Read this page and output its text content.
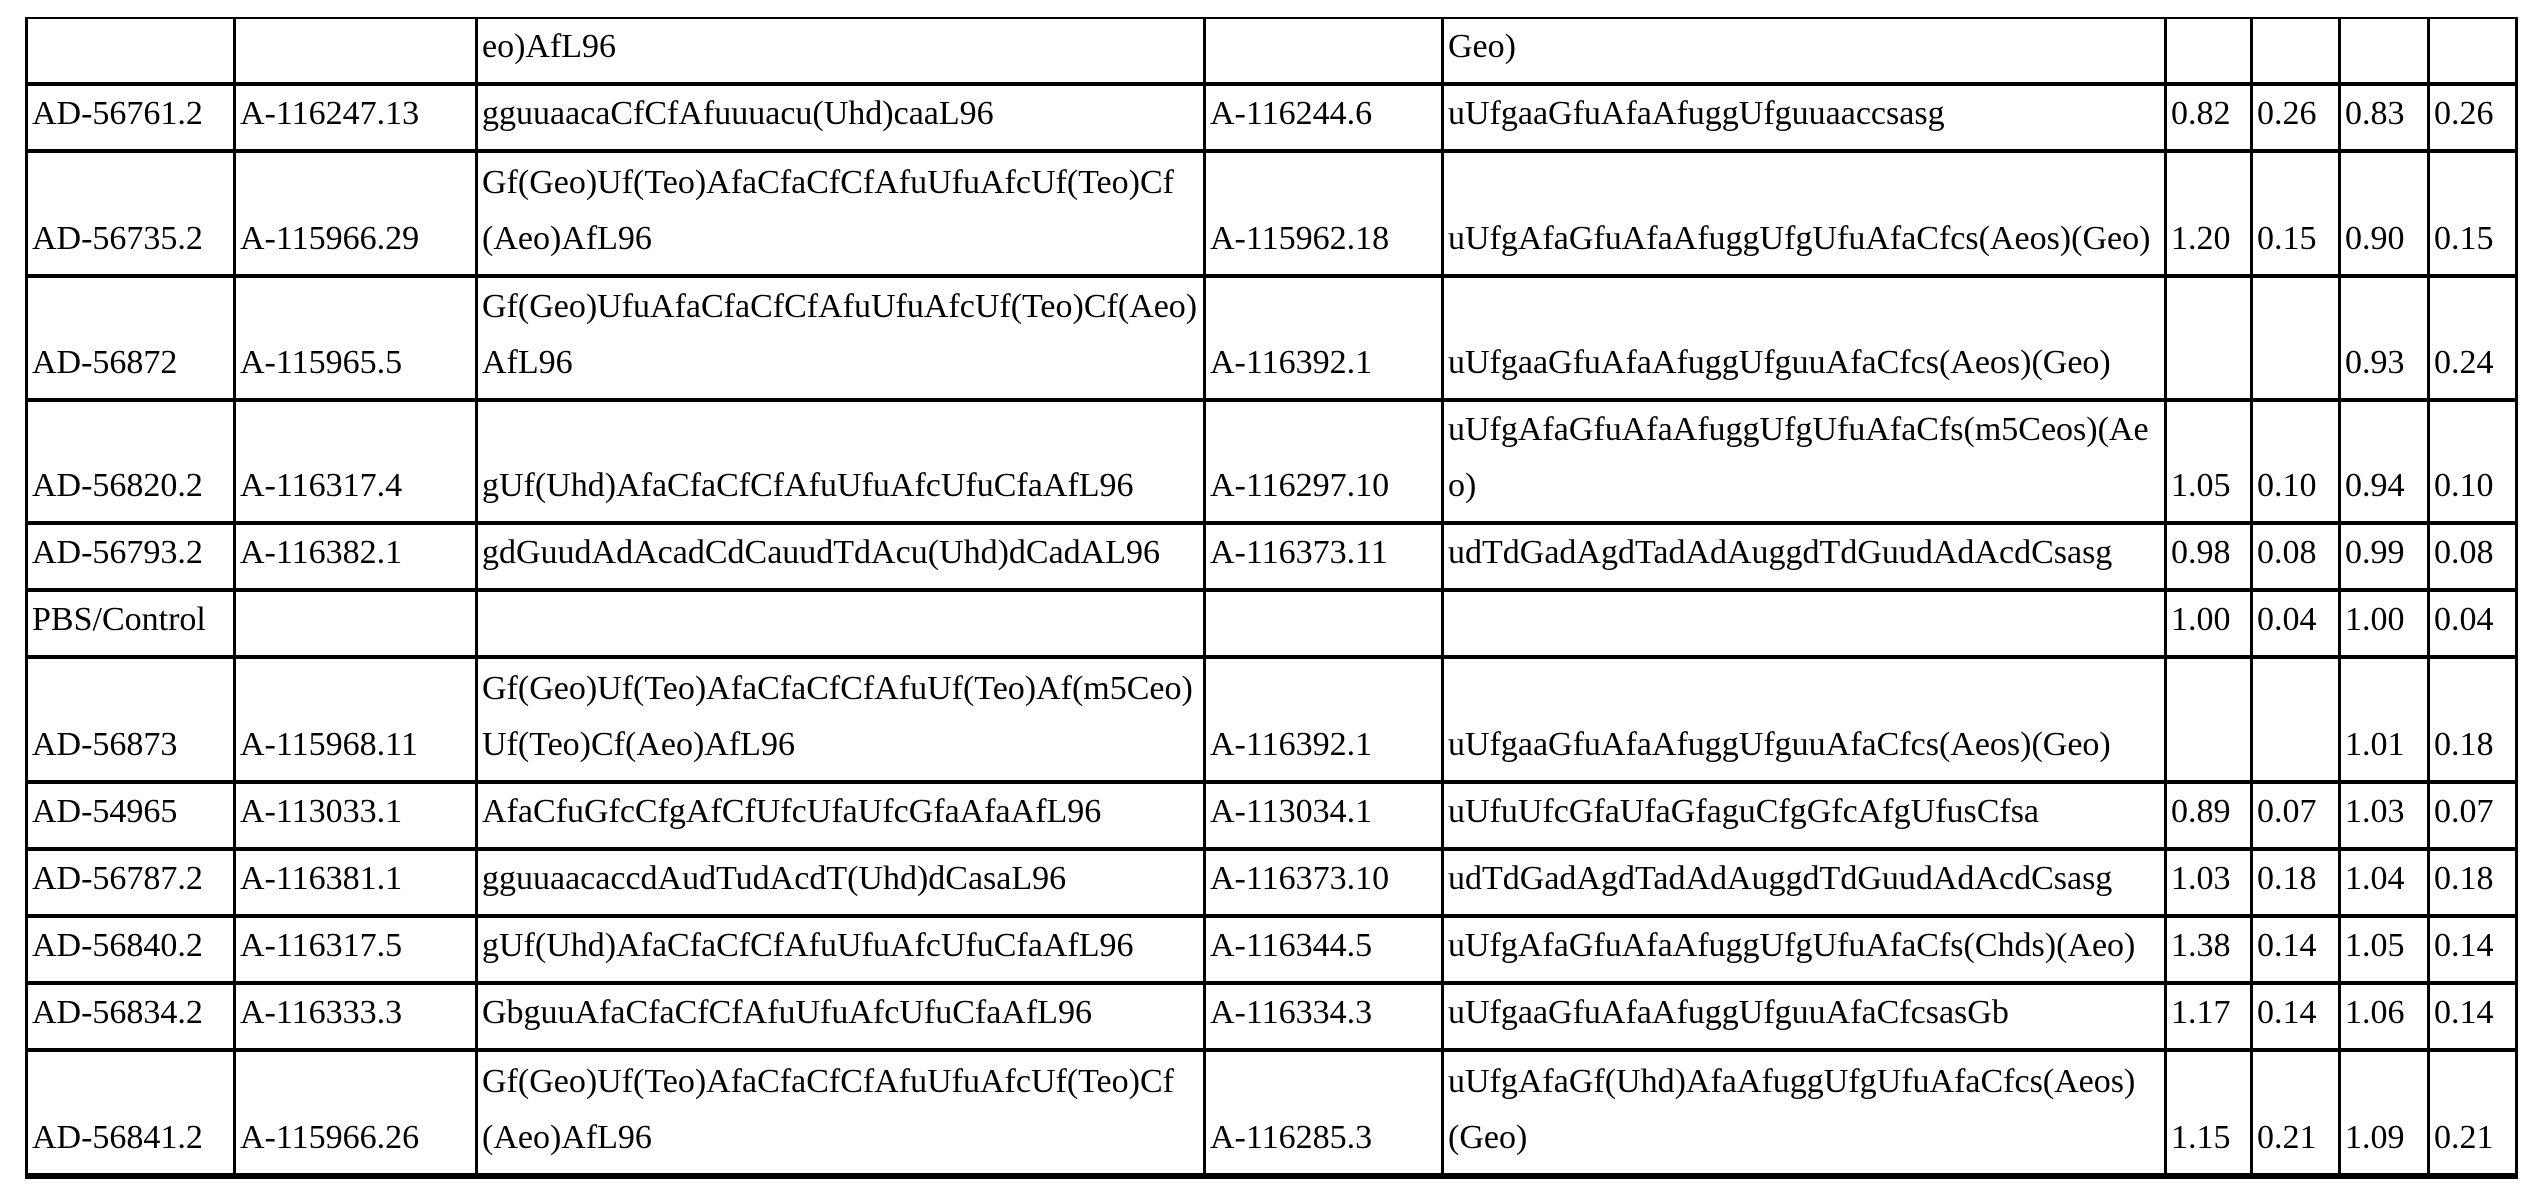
		eo)AfL96		Geo)				
AD-56761.2	A-116247.13	gguuaacaCfCfAfuuuacu(Uhd)caaL96	A-116244.6	uUfgaaGfuAfaAfuggUfguuaaccsasg	0.82	0.26	0.83	0.26
AD-56735.2	A-115966.29	Gf(Geo)Uf(Teo)AfaCfaCfCfAfuUfuAfcUf(Teo)Cf(Aeo)AfL96	A-115962.18	uUfgAfaGfuAfaAfuggUfgUfuAfaCfcs(Aeos)(Geo)	1.20	0.15	0.90	0.15
AD-56872	A-115965.5	Gf(Geo)UfuAfaCfaCfCfAfuUfuAfcUf(Teo)Cf(Aeo)AfL96	A-116392.1	uUfgaaGfuAfaAfuggUfguuAfaCfcs(Aeos)(Geo)			0.93	0.24
AD-56820.2	A-116317.4	gUf(Uhd)AfaCfaCfCfAfuUfuAfcUfuCfaAfL96	A-116297.10	uUfgAfaGfuAfaAfuggUfgUfuAfaCfs(m5Ceos)(Aeo)	1.05	0.10	0.94	0.10
AD-56793.2	A-116382.1	gdGuudAdAcadCdCauudTdAcu(Uhd)dCadAL96	A-116373.11	udTdGadAgdTadAdAuggdTdGuudAdAcdCsasg	0.98	0.08	0.99	0.08
PBS/Control					1.00	0.04	1.00	0.04
AD-56873	A-115968.11	Gf(Geo)Uf(Teo)AfaCfaCfCfAfuUf(Teo)Af(m5Ceo)Uf(Teo)Cf(Aeo)AfL96	A-116392.1	uUfgaaGfuAfaAfuggUfguuAfaCfcs(Aeos)(Geo)			1.01	0.18
AD-54965	A-113033.1	AfaCfuGfcCfgAfCfUfcUfaUfcGfaAfaAfL96	A-113034.1	uUfuUfcGfaUfaGfaguCfgGfcAfgUfusCfsa	0.89	0.07	1.03	0.07
AD-56787.2	A-116381.1	gguuaacaccdAudTudAcdT(Uhd)dCasaL96	A-116373.10	udTdGadAgdTadAdAuggdTdGuudAdAcdCsasg	1.03	0.18	1.04	0.18
AD-56840.2	A-116317.5	gUf(Uhd)AfaCfaCfCfAfuUfuAfcUfuCfaAfL96	A-116344.5	uUfgAfaGfuAfaAfuggUfgUfuAfaCfs(Chds)(Aeo)	1.38	0.14	1.05	0.14
AD-56834.2	A-116333.3	GbguuAfaCfaCfCfAfuUfuAfcUfuCfaAfL96	A-116334.3	uUfgaaGfuAfaAfuggUfguuAfaCfcsasGb	1.17	0.14	1.06	0.14
AD-56841.2	A-115966.26	Gf(Geo)Uf(Teo)AfaCfaCfCfAfuUfuAfcUf(Teo)Cf(Aeo)AfL96	A-116285.3	uUfgAfaGf(Uhd)AfaAfuggUfgUfuAfaCfcs(Aeos)(Geo)	1.15	0.21	1.09	0.21
